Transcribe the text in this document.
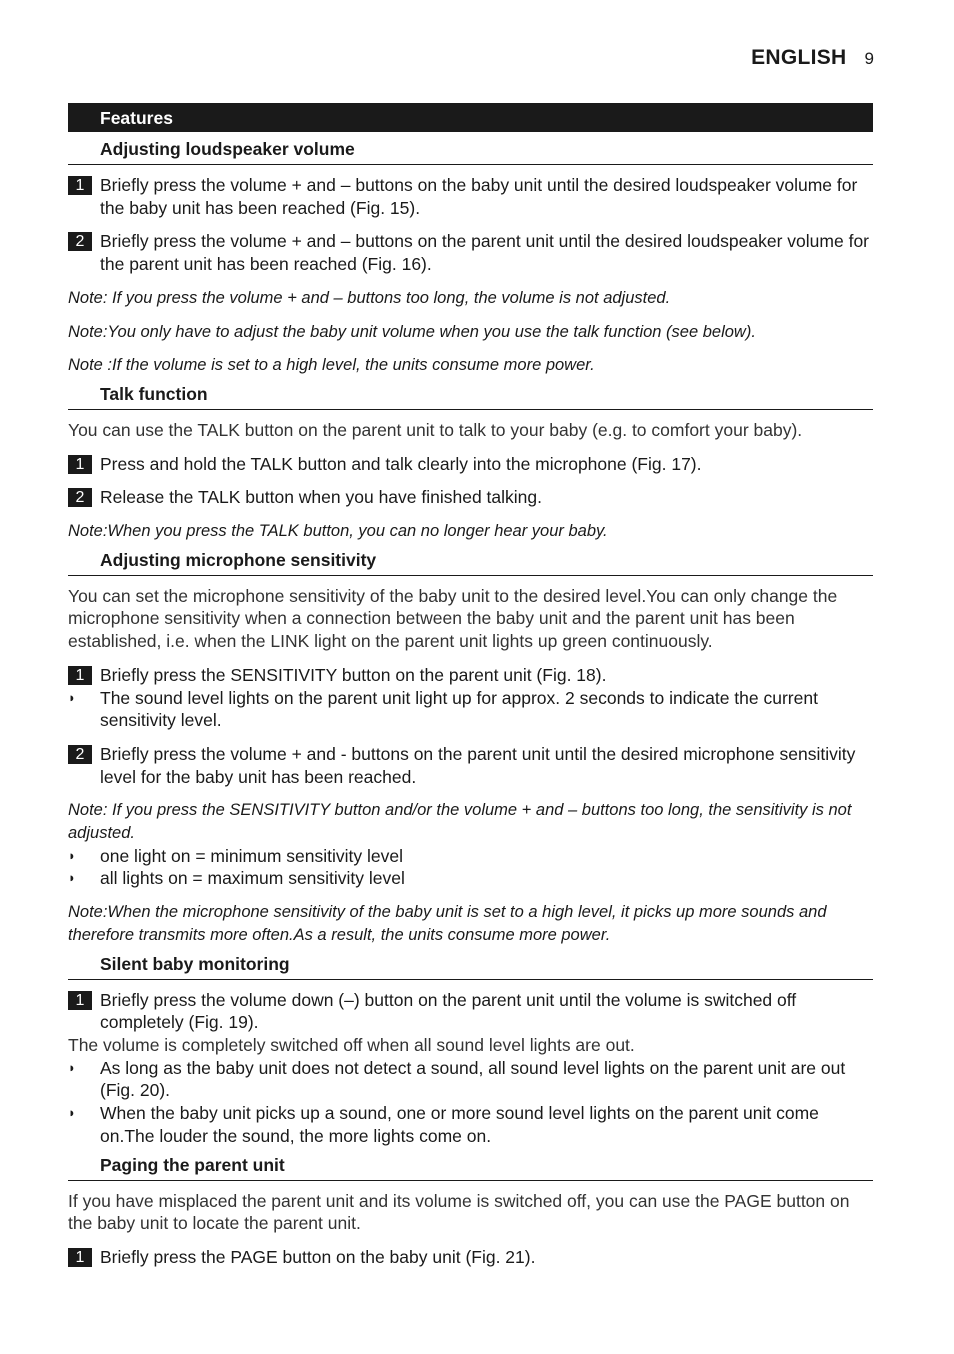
ENGLISH 9
Features
Adjusting loudspeaker volume
1 Briefly press the volume + and – buttons on the baby unit until the desired loudspeaker volume for the baby unit has been reached (Fig. 15).
2 Briefly press the volume + and – buttons on the parent unit until the desired loudspeaker volume for the parent unit has been reached (Fig. 16).
Note: If you press the volume + and – buttons too long, the volume is not adjusted.
Note:You only have to adjust the baby unit volume when you use the talk function (see below).
Note :If the volume is set to a high level, the units consume more power.
Talk function
You can use the TALK button on the parent unit to talk to your baby (e.g. to comfort your baby).
1 Press and hold the TALK button and talk clearly into the microphone (Fig. 17).
2 Release the TALK button when you have finished talking.
Note:When you press the TALK button, you can no longer hear your baby.
Adjusting microphone sensitivity
You can set the microphone sensitivity of the baby unit to the desired level.You can only change the microphone sensitivity when a connection between the baby unit and the parent unit has been established, i.e. when the LINK light on the parent unit lights up green continuously.
1 Briefly press the SENSITIVITY button on the parent unit (Fig. 18).
◗ The sound level lights on the parent unit light up for approx. 2 seconds to indicate the current sensitivity level.
2 Briefly press the volume + and - buttons on the parent unit until the desired microphone sensitivity level for the baby unit has been reached.
Note: If you press the SENSITIVITY button and/or the volume + and – buttons too long, the sensitivity is not adjusted.
◗ one light on = minimum sensitivity level
◗ all lights on = maximum sensitivity level
Note:When the microphone sensitivity of the baby unit is set to a high level, it picks up more sounds and therefore transmits more often.As a result, the units consume more power.
Silent baby monitoring
1 Briefly press the volume down (–) button on the parent unit until the volume is switched off completely (Fig. 19).
The volume is completely switched off when all sound level lights are out.
◗ As long as the baby unit does not detect a sound, all sound level lights on the parent unit are out (Fig. 20).
◗ When the baby unit picks up a sound, one or more sound level lights on the parent unit come on.The louder the sound, the more lights come on.
Paging the parent unit
If you have misplaced the parent unit and its volume is switched off, you can use the PAGE button on the baby unit to locate the parent unit.
1 Briefly press the PAGE button on the baby unit (Fig. 21).
